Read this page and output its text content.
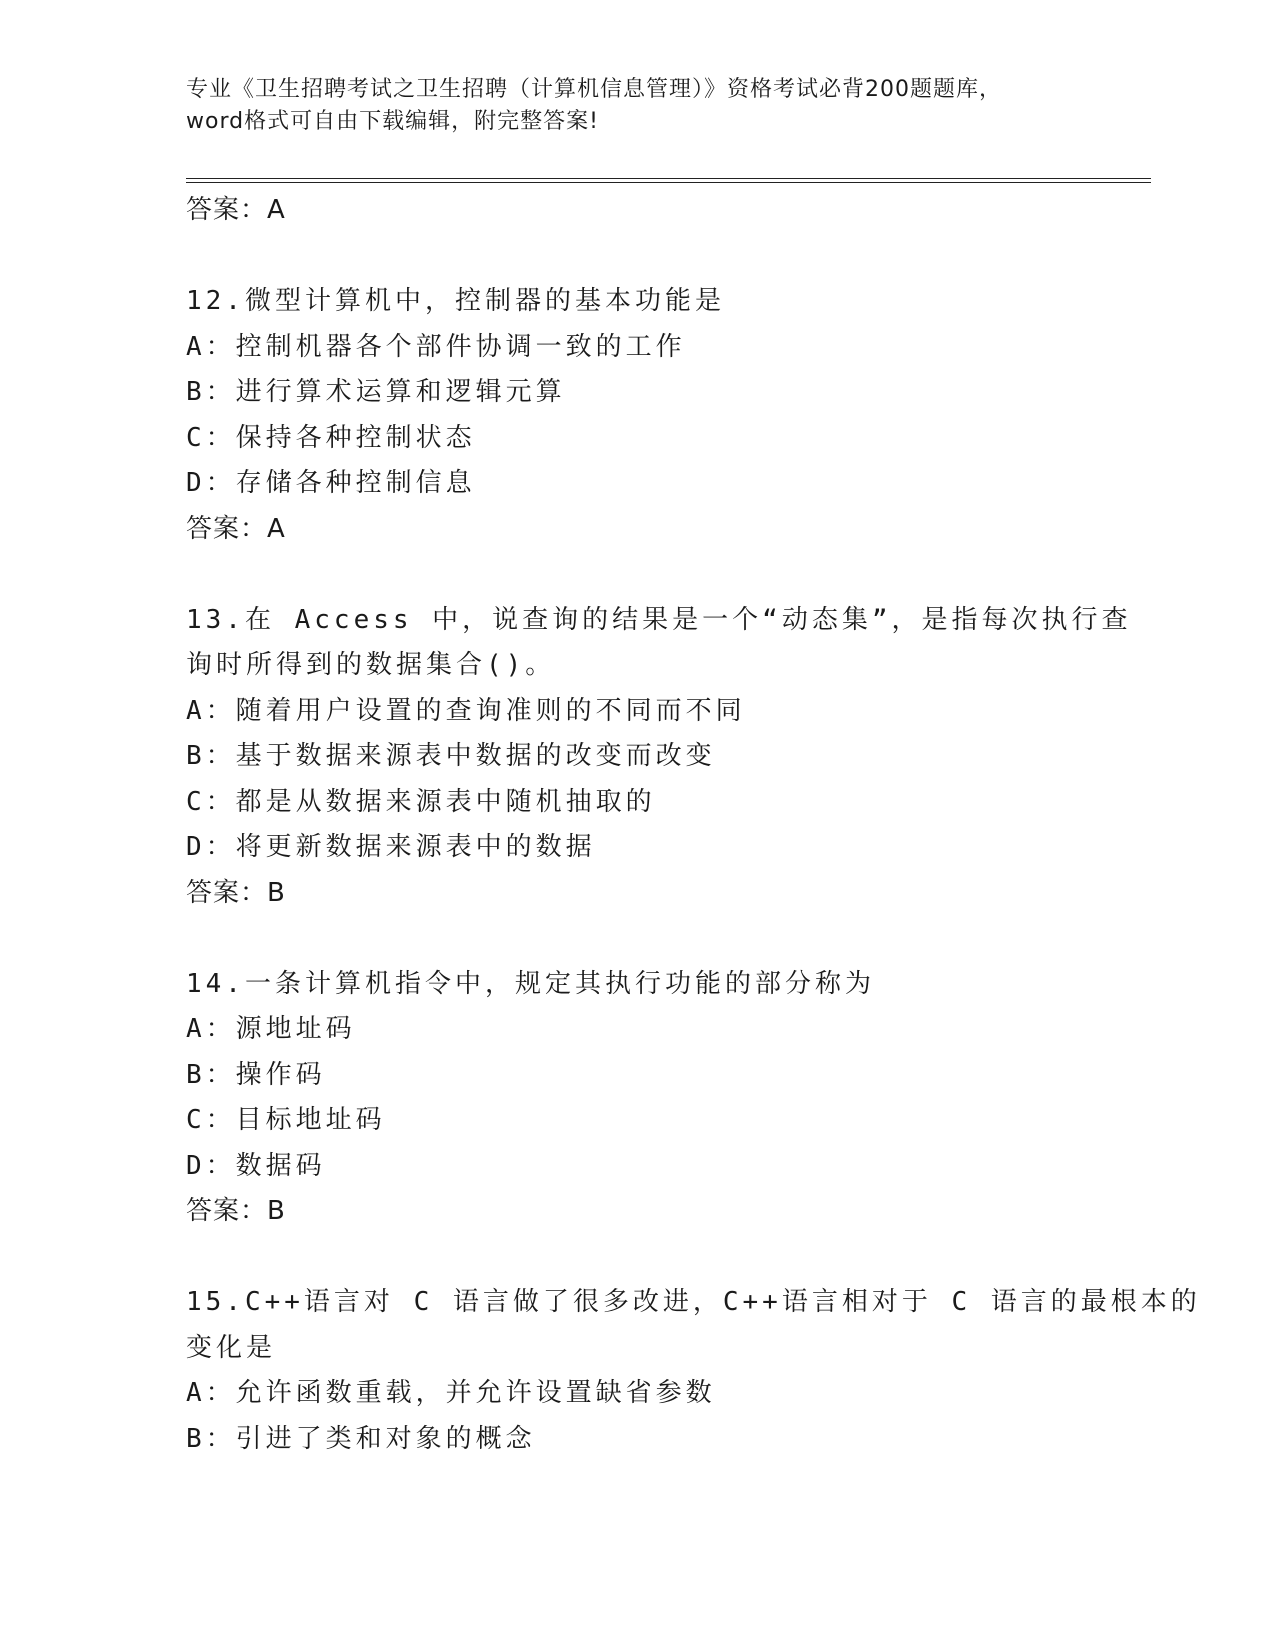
专业《卫生招聘考试之卫生招聘（计算机信息管理）》资格考试必背200题题库，
word格式可自由下载编辑，附完整答案!
答案：A
12.微型计算机中，控制器的基本功能是
A：控制机器各个部件协调一致的工作
B：进行算术运算和逻辑元算
C：保持各种控制状态
D：存储各种控制信息
答案：A
13.在 Access 中，说查询的结果是一个“动态集”，是指每次执行查
询时所得到的数据集合()。
A：随着用户设置的查询准则的不同而不同
B：基于数据来源表中数据的改变而改变
C：都是从数据来源表中随机抽取的
D：将更新数据来源表中的数据
答案：B
14.一条计算机指令中，规定其执行功能的部分称为
A：源地址码
B：操作码
C：目标地址码
D：数据码
答案：B
15.C++语言对 C 语言做了很多改进，C++语言相对于 C 语言的最根本的
变化是
A：允许函数重载，并允许设置缺省参数
B：引进了类和对象的概念
